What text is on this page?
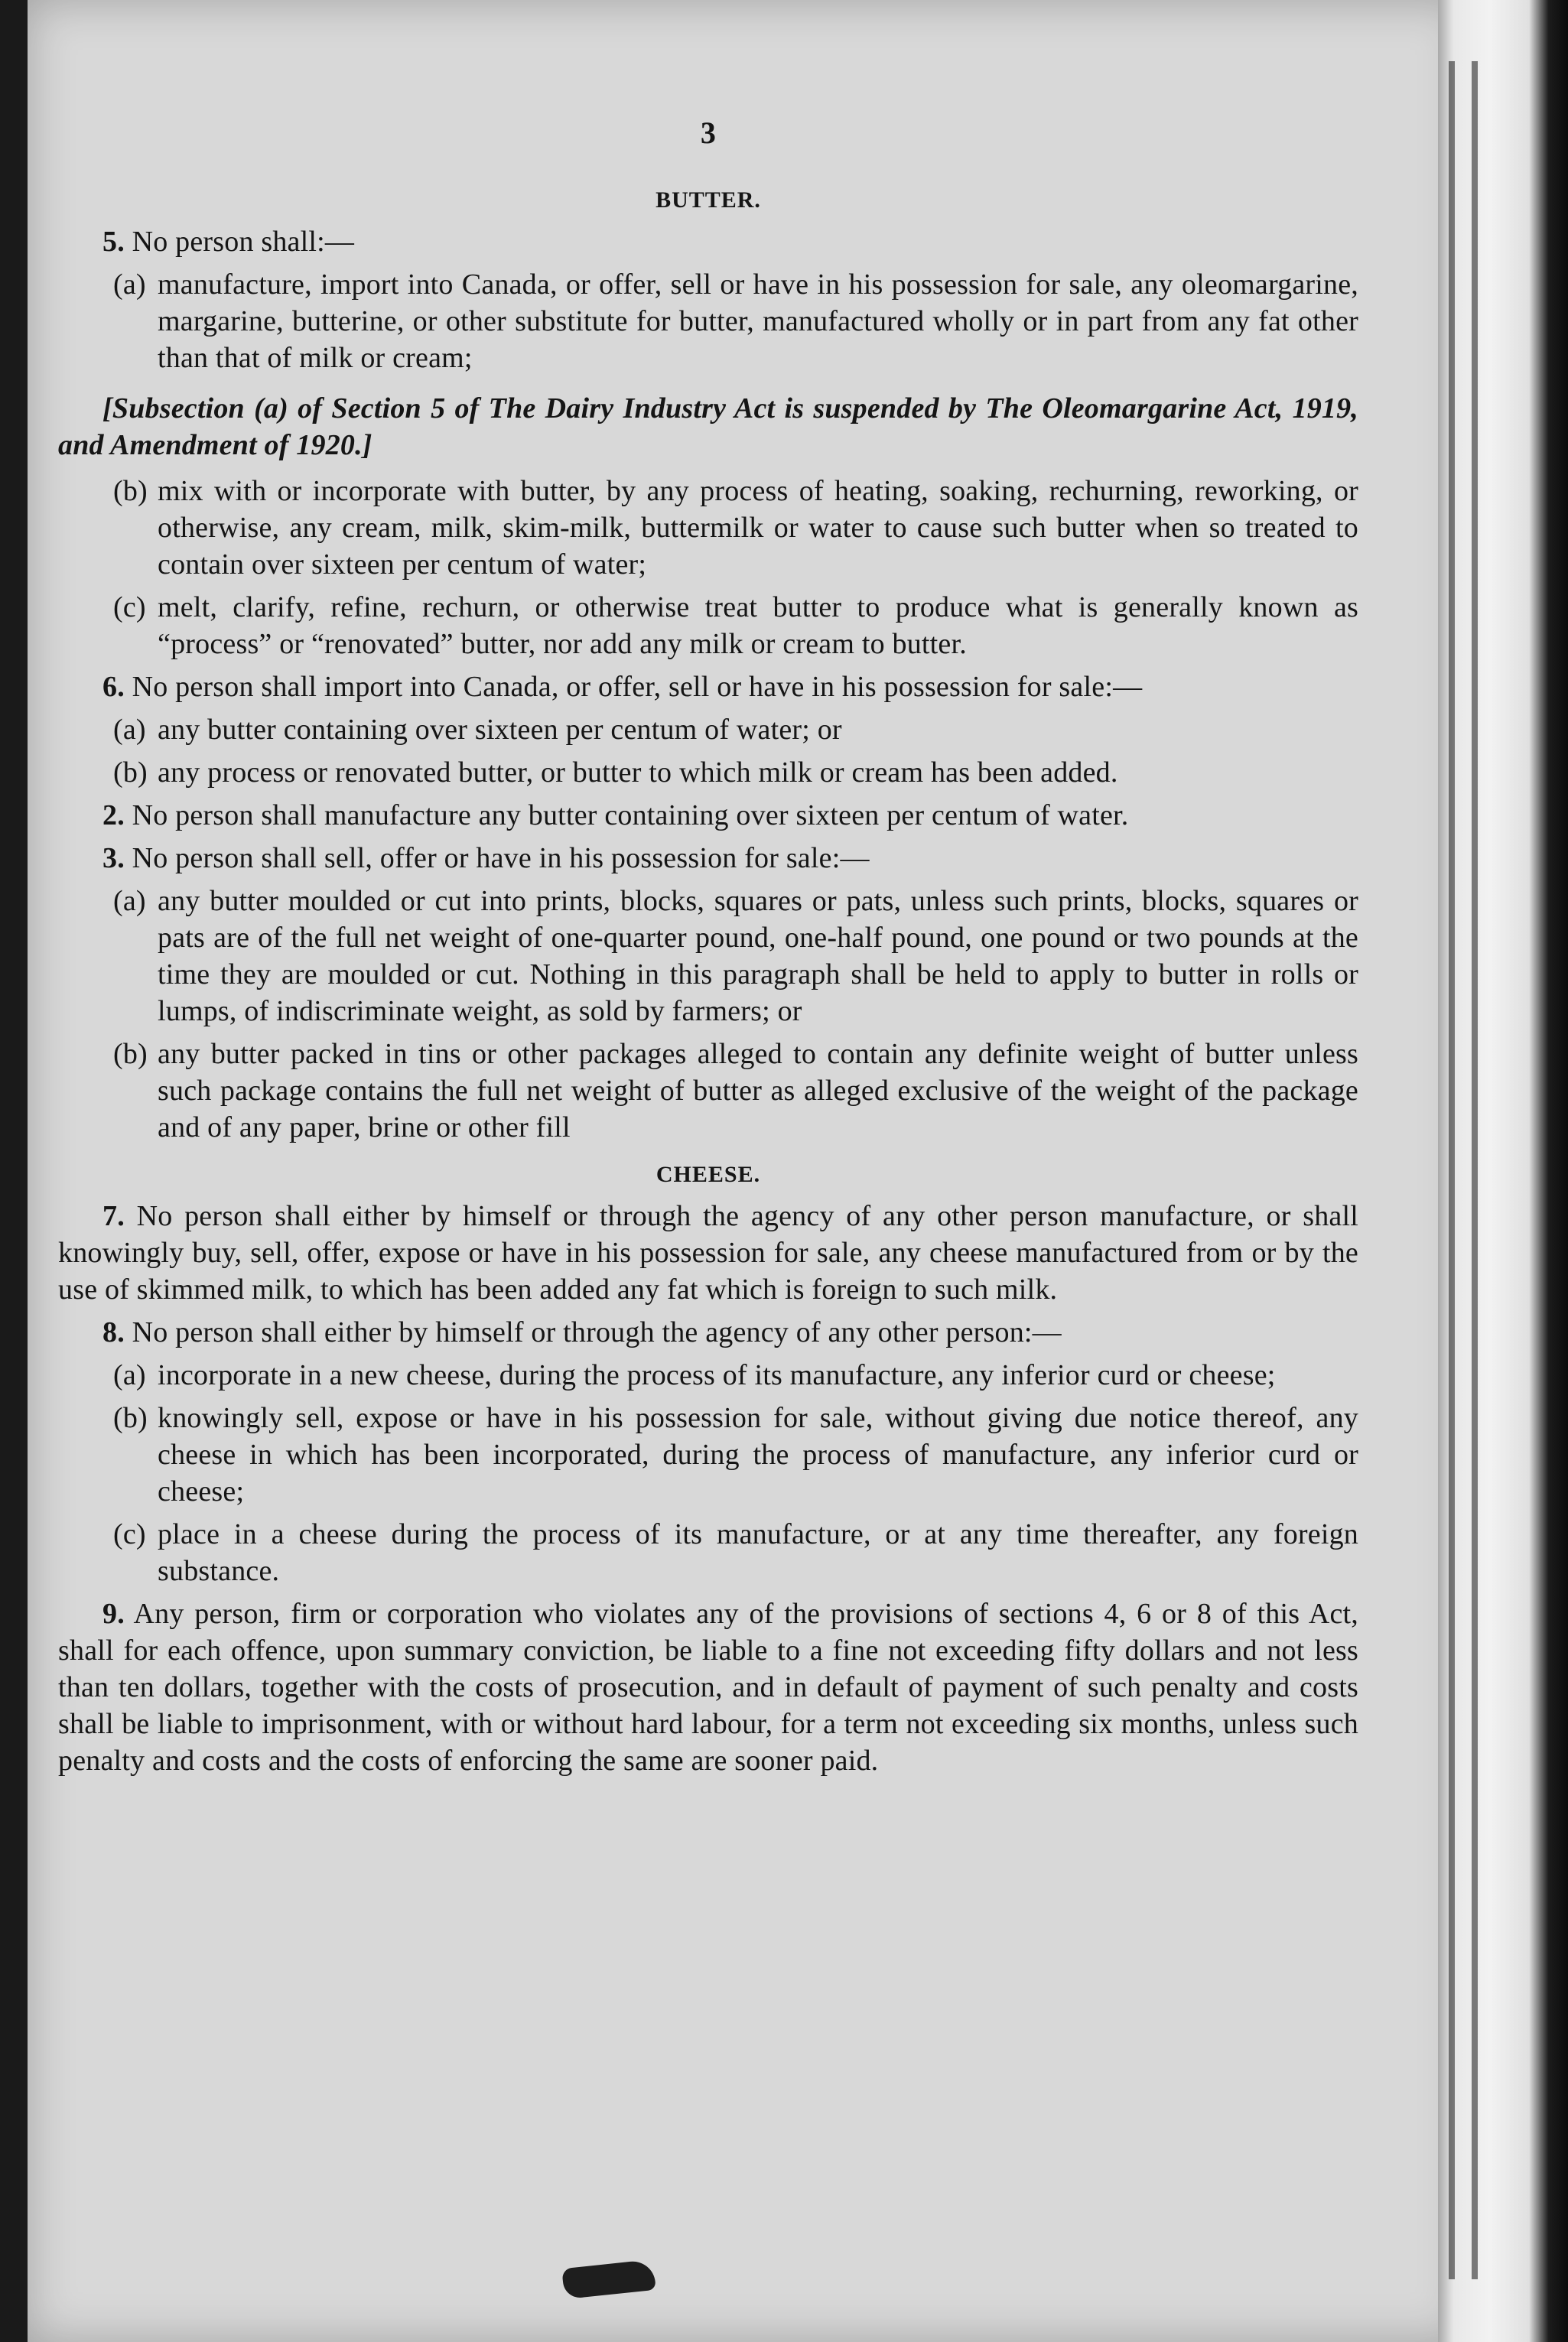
3
BUTTER.

5. No person shall:—

(a) manufacture, import into Canada, or offer, sell or have in his possession for sale, any oleomargarine, margarine, butterine, or other substitute for butter, manufactured wholly or in part from any fat other than that of milk or cream;

[Subsection (a) of Section 5 of The Dairy Industry Act is suspended by The Oleomargarine Act, 1919, and Amendment of 1920.]

(b) mix with or incorporate with butter, by any process of heating, soaking, rechurning, reworking, or otherwise, any cream, milk, skim-milk, buttermilk or water to cause such butter when so treated to contain over sixteen per centum of water;

(c) melt, clarify, refine, rechurn, or otherwise treat butter to produce what is generally known as “process” or “renovated” butter, nor add any milk or cream to butter.

6. No person shall import into Canada, or offer, sell or have in his possession for sale:—

(a) any butter containing over sixteen per centum of water; or

(b) any process or renovated butter, or butter to which milk or cream has been added.

2. No person shall manufacture any butter containing over sixteen per centum of water.

3. No person shall sell, offer or have in his possession for sale:—

(a) any butter moulded or cut into prints, blocks, squares or pats, unless such prints, blocks, squares or pats are of the full net weight of one-quarter pound, one-half pound, one pound or two pounds at the time they are moulded or cut. Nothing in this paragraph shall be held to apply to butter in rolls or lumps, of indiscriminate weight, as sold by farmers; or

(b) any butter packed in tins or other packages alleged to contain any definite weight of butter unless such package contains the full net weight of butter as alleged exclusive of the weight of the package and of any paper, brine or other fill

CHEESE.

7. No person shall either by himself or through the agency of any other person manufacture, or shall knowingly buy, sell, offer, expose or have in his possession for sale, any cheese manufactured from or by the use of skimmed milk, to which has been added any fat which is foreign to such milk.

8. No person shall either by himself or through the agency of any other person:—

(a) incorporate in a new cheese, during the process of its manufacture, any inferior curd or cheese;

(b) knowingly sell, expose or have in his possession for sale, without giving due notice thereof, any cheese in which has been incorporated, during the process of manufacture, any inferior curd or cheese;

(c) place in a cheese during the process of its manufacture, or at any time thereafter, any foreign substance.

9. Any person, firm or corporation who violates any of the provisions of sections 4, 6 or 8 of this Act, shall for each offence, upon summary conviction, be liable to a fine not exceeding fifty dollars and not less than ten dollars, together with the costs of prosecution, and in default of payment of such penalty and costs shall be liable to imprisonment, with or without hard labour, for a term not exceeding six months, unless such penalty and costs and the costs of enforcing the same are sooner paid.
